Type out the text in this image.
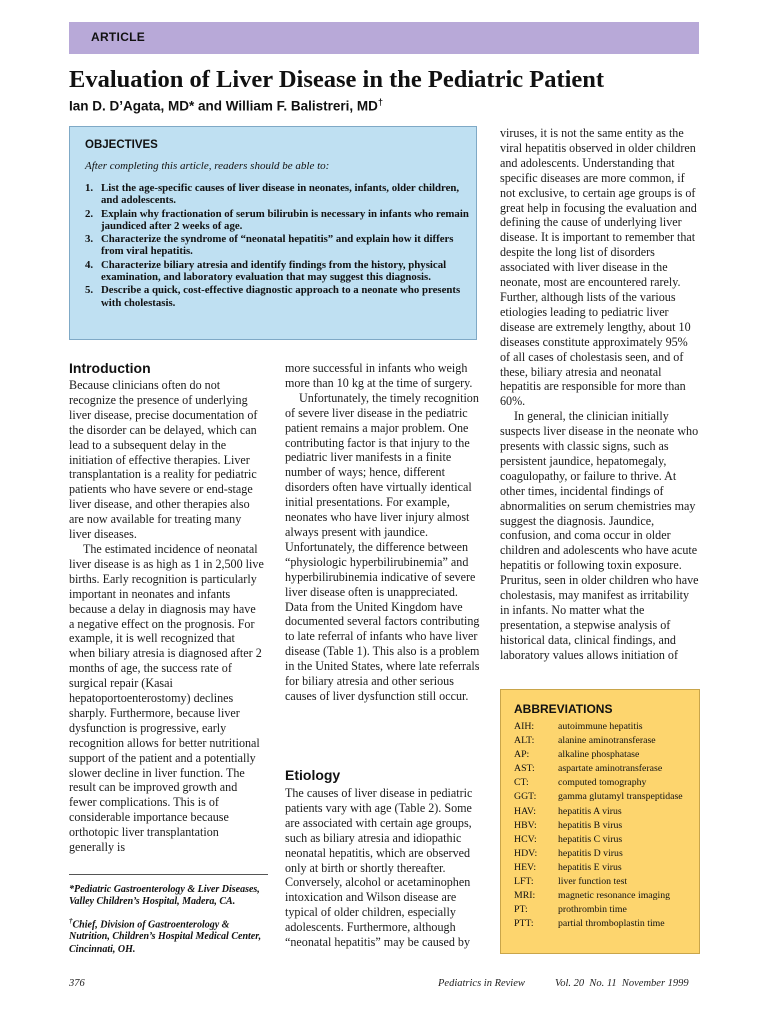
ARTICLE
Evaluation of Liver Disease in the Pediatric Patient
Ian D. D’Agata, MD* and William F. Balistreri, MD†
OBJECTIVES
After completing this article, readers should be able to:
1. List the age-specific causes of liver disease in neonates, infants, older children, and adolescents.
2. Explain why fractionation of serum bilirubin is necessary in infants who remain jaundiced after 2 weeks of age.
3. Characterize the syndrome of “neonatal hepatitis” and explain how it differs from viral hepatitis.
4. Characterize biliary atresia and identify findings from the history, physical examination, and laboratory evaluation that may suggest this diagnosis.
5. Describe a quick, cost-effective diagnostic approach to a neonate who presents with cholestasis.
Introduction

Because clinicians often do not recognize the presence of underlying liver disease, precise documentation of the disorder can be delayed, which can lead to a subsequent delay in the initiation of effective therapies. Liver transplantation is a reality for pediatric patients who have severe or end-stage liver disease, and other therapies also are now available for treating many liver diseases.

The estimated incidence of neonatal liver disease is as high as 1 in 2,500 live births. Early recognition is particularly important in neonates and infants because a delay in diagnosis may have a negative effect on the prognosis. For example, it is well recognized that when biliary atresia is diagnosed after 2 months of age, the success rate of surgical repair (Kasai hepatoportoenterostomy) declines sharply. Furthermore, because liver dysfunction is progressive, early recognition allows for better nutritional support of the patient and a potentially slower decline in liver function. The result can be improved growth and fewer complications. This is of considerable importance because orthotopic liver transplantation generally is

more successful in infants who weigh more than 10 kg at the time of surgery.

Unfortunately, the timely recognition of severe liver disease in the pediatric patient remains a major problem. One contributing factor is that injury to the pediatric liver manifests in a finite number of ways; hence, different disorders often have virtually identical initial presentations. For example, neonates who have liver injury almost always present with jaundice. Unfortunately, the difference between “physiologic hyperbilirubinemia” and hyperbilirubinemia indicative of severe liver disease often is unappreciated. Data from the United Kingdom have documented several factors contributing to late referral of infants who have liver disease (Table 1). This also is a problem in the United States, where late referrals for biliary atresia and other serious causes of liver dysfunction still occur.

Etiology

The causes of liver disease in pediatric patients vary with age (Table 2). Some are associated with certain age groups, such as biliary atresia and idiopathic neonatal hepatitis, which are observed only at birth or shortly thereafter. Conversely, alcohol or acetaminophen intoxication and Wilson disease are typical of older children, especially adolescents. Furthermore, although “neonatal hepatitis” may be caused by

viruses, it is not the same entity as the viral hepatitis observed in older children and adolescents. Understanding that specific diseases are more common, if not exclusive, to certain age groups is of great help in focusing the evaluation and defining the cause of underlying liver disease. It is important to remember that despite the long list of disorders associated with liver disease in the neonate, most are encountered rarely. Further, although lists of the various etiologies leading to pediatric liver disease are extremely lengthy, about 10 diseases constitute approximately 95% of all cases of cholestasis seen, and of these, biliary atresia and neonatal hepatitis are responsible for more than 60%.

In general, the clinician initially suspects liver disease in the neonate who presents with classic signs, such as persistent jaundice, hepatomegaly, coagulopathy, or failure to thrive. At other times, incidental findings of abnormalities on serum chemistries may suggest the diagnosis. Jaundice, confusion, and coma occur in older children and adolescents who have acute hepatitis or following toxin exposure. Pruritus, seen in older children who have cholestasis, may manifest as irritability in infants. No matter what the presentation, a stepwise analysis of historical data, clinical findings, and laboratory values allows initiation of

*Pediatric Gastroenterology & Liver Diseases, Valley Children’s Hospital, Madera, CA.

†Chief, Division of Gastroenterology & Nutrition, Children’s Hospital Medical Center, Cincinnati, OH.

ABBREVIATIONS
AIH:	autoimmune hepatitis
ALT:	alanine aminotransferase
AP:	alkaline phosphatase
AST:	aspartate aminotransferase
CT:	computed tomography
GGT:	gamma glutamyl transpeptidase
HAV:	hepatitis A virus
HBV:	hepatitis B virus
HCV:	hepatitis C virus
HDV:	hepatitis D virus
HEV:	hepatitis E virus
LFT:	liver function test
MRI:	magnetic resonance imaging
PT:	prothrombin time
PTT:	partial thromboplastin time
376	Pediatrics in Review	Vol. 20  No. 11  November 1999
